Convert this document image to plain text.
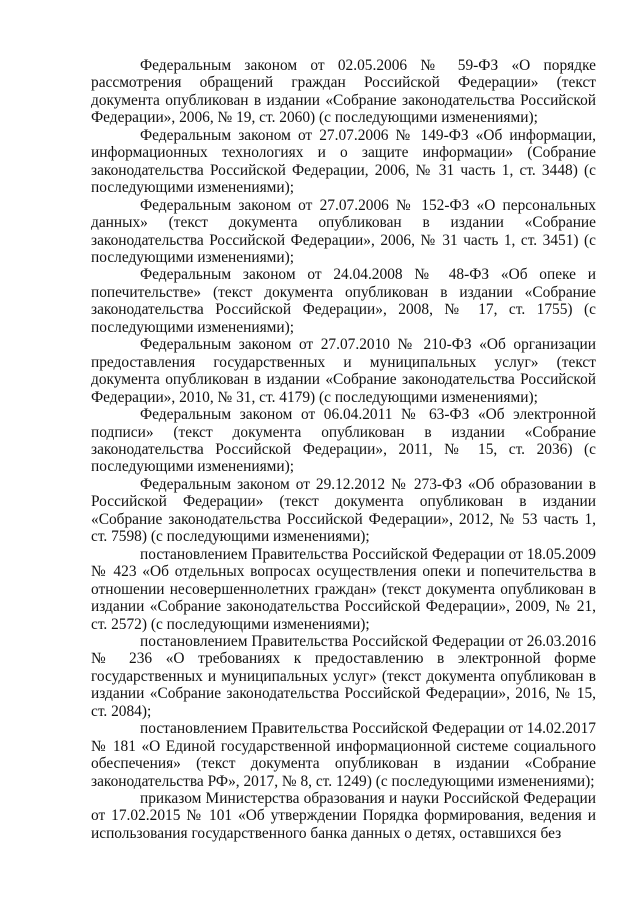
Федеральным законом от 02.05.2006 № 59-ФЗ «О порядке рассмотрения обращений граждан Российской Федерации» (текст документа опубликован в издании «Собрание законодательства Российской Федерации», 2006, № 19, ст. 2060) (с последующими изменениями);

Федеральным законом от 27.07.2006 № 149-ФЗ «Об информации, информационных технологиях и о защите информации» (Собрание законодательства Российской Федерации, 2006, № 31 часть 1, ст. 3448) (с последующими изменениями);

Федеральным законом от 27.07.2006 № 152-ФЗ «О персональных данных» (текст документа опубликован в издании «Собрание законодательства Российской Федерации», 2006, № 31 часть 1, ст. 3451) (с последующими изменениями);

Федеральным законом от 24.04.2008 № 48-ФЗ «Об опеке и попечительстве» (текст документа опубликован в издании «Собрание законодательства Российской Федерации», 2008, № 17, ст. 1755) (с последующими изменениями);

Федеральным законом от 27.07.2010 № 210-ФЗ «Об организации предоставления государственных и муниципальных услуг» (текст документа опубликован в издании «Собрание законодательства Российской Федерации», 2010, № 31, ст. 4179) (с последующими изменениями);

Федеральным законом от 06.04.2011 № 63-ФЗ «Об электронной подписи» (текст документа опубликован в издании «Собрание законодательства Российской Федерации», 2011, № 15, ст. 2036) (с последующими изменениями);

Федеральным законом от 29.12.2012 № 273-ФЗ «Об образовании в Российской Федерации» (текст документа опубликован в издании «Собрание законодательства Российской Федерации», 2012, № 53 часть 1, ст. 7598) (с последующими изменениями);

постановлением Правительства Российской Федерации от 18.05.2009 № 423 «Об отдельных вопросах осуществления опеки и попечительства в отношении несовершеннолетних граждан» (текст документа опубликован в издании «Собрание законодательства Российской Федерации», 2009, № 21, ст. 2572) (с последующими изменениями);

постановлением Правительства Российской Федерации от 26.03.2016 № 236 «О требованиях к предоставлению в электронной форме государственных и муниципальных услуг» (текст документа опубликован в издании «Собрание законодательства Российской Федерации», 2016, № 15, ст. 2084);

постановлением Правительства Российской Федерации от 14.02.2017 № 181 «О Единой государственной информационной системе социального обеспечения» (текст документа опубликован в издании «Собрание законодательства РФ», 2017, № 8, ст. 1249) (с последующими изменениями);

приказом Министерства образования и науки Российской Федерации от 17.02.2015 № 101 «Об утверждении Порядка формирования, ведения и использования государственного банка данных о детях, оставшихся без
